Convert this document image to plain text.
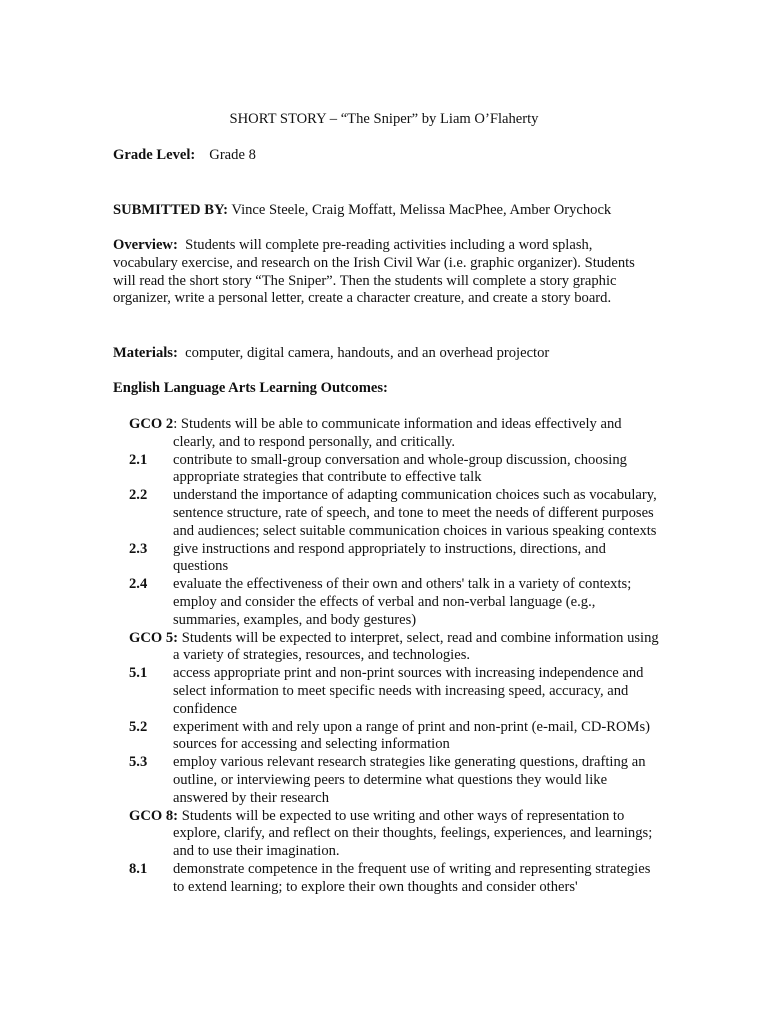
SHORT STORY – “The Sniper” by Liam O’Flaherty
Grade Level: Grade 8
SUBMITTED BY: Vince Steele, Craig Moffatt, Melissa MacPhee, Amber Orychock
Overview: Students will complete pre-reading activities including a word splash, vocabulary exercise, and research on the Irish Civil War (i.e. graphic organizer). Students will read the short story “The Sniper”. Then the students will complete a story graphic organizer, write a personal letter, create a character creature, and create a story board.
Materials: computer, digital camera, handouts, and an overhead projector
English Language Arts Learning Outcomes:
GCO 2: Students will be able to communicate information and ideas effectively and clearly, and to respond personally, and critically.
2.1 contribute to small-group conversation and whole-group discussion, choosing appropriate strategies that contribute to effective talk
2.2 understand the importance of adapting communication choices such as vocabulary, sentence structure, rate of speech, and tone to meet the needs of different purposes and audiences; select suitable communication choices in various speaking contexts
2.3 give instructions and respond appropriately to instructions, directions, and questions
2.4 evaluate the effectiveness of their own and others' talk in a variety of contexts; employ and consider the effects of verbal and non-verbal language (e.g., summaries, examples, and body gestures)
GCO 5: Students will be expected to interpret, select, read and combine information using a variety of strategies, resources, and technologies.
5.1 access appropriate print and non-print sources with increasing independence and select information to meet specific needs with increasing speed, accuracy, and confidence
5.2 experiment with and rely upon a range of print and non-print (e-mail, CD-ROMs) sources for accessing and selecting information
5.3 employ various relevant research strategies like generating questions, drafting an outline, or interviewing peers to determine what questions they would like answered by their research
GCO 8: Students will be expected to use writing and other ways of representation to explore, clarify, and reflect on their thoughts, feelings, experiences, and learnings; and to use their imagination.
8.1 demonstrate competence in the frequent use of writing and representing strategies to extend learning; to explore their own thoughts and consider others'
